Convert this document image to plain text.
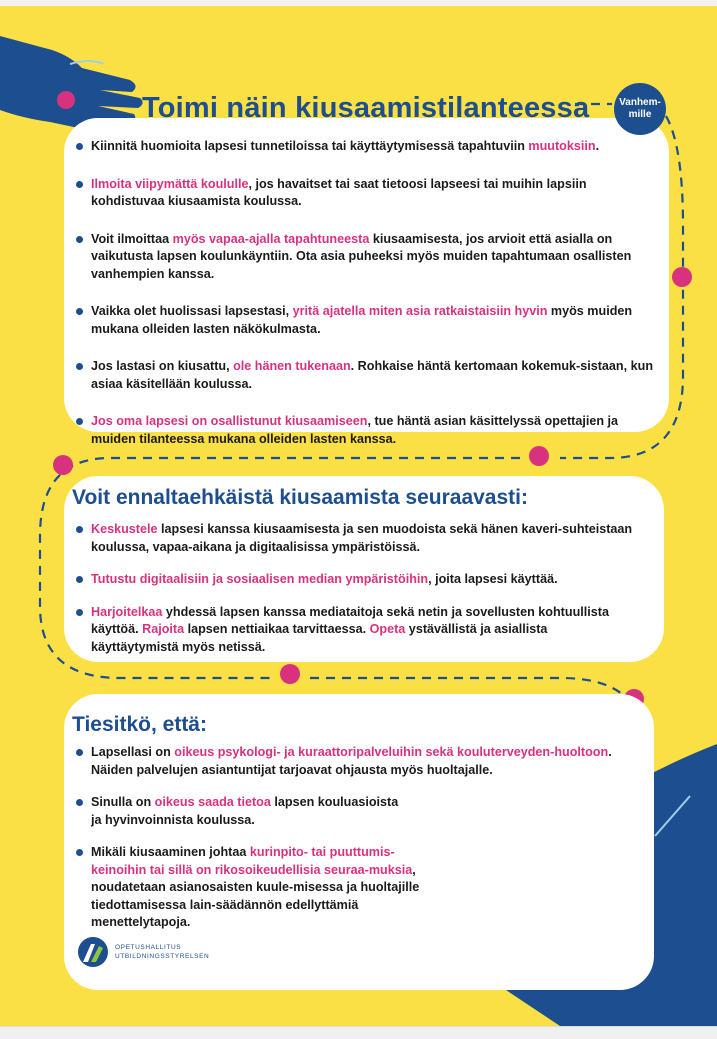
Toimi näin kiusaamistilanteessa	Vanhem-
mille
Kiinnitä huomioita lapsesi tunnetiloissa tai käyttäytymisessä tapahtuviin muutoksiin.
Ilmoita viipymättä koululle, jos havaitset tai saat tietoosi lapseesi tai muihin lapsiin kohdistuvaa kiusaamista koulussa.
Voit ilmoittaa myös vapaa-ajalla tapahtuneesta kiusaamisesta, jos arvioit että asialla on vaikutusta lapsen koulunkäyntiin. Ota asia puheeksi myös muiden tapahtumaan osallisten vanhempien kanssa.
Vaikka olet huolissasi lapsestasi, yritä ajatella miten asia ratkaistaisiin hyvin myös muiden mukana olleiden lasten näkökulmasta.
Jos lastasi on kiusattu, ole hänen tukenaan. Rohkaise häntä kertomaan kokemuk-sistaan, kun asiaa käsitellään koulussa.
Jos oma lapsesi on osallistunut kiusaamiseen, tue häntä asian käsittelyssä opettajien ja muiden tilanteessa mukana olleiden lasten kanssa.
Voit ennaltaehkäistä kiusaamista seuraavasti:
Keskustele lapsesi kanssa kiusaamisesta ja sen muodoista sekä hänen kaveri-suhteistaan koulussa, vapaa-aikana ja digitaalisissa ympäristöissä.
Tutustu digitaalisiin ja sosiaalisen median ympäristöihin, joita lapsesi käyttää.
Harjoitelkaa yhdessä lapsen kanssa mediataitoja sekä netin ja sovellusten kohtuullista käyttöä. Rajoita lapsen nettiaikaa tarvittaessa. Opeta ystävällistä ja asiallista käyttäytymistä myös netissä.
Tiesitkö, että:
Lapsellasi on oikeus psykologi- ja kuraattoripalveluihin sekä kouluterveyden-huoltoon. Näiden palvelujen asiantuntijat tarjoavat ohjausta myös huoltajalle.
Sinulla on oikeus saada tietoa lapsen kouluasioista ja hyvinvoinnista koulussa.
Mikäli kiusaaminen johtaa kurinpito- tai puuttumis-keinoihin tai sillä on rikosoikeudellisia seuraa-muksia, noudatetaan asianosaisten kuule-misessa ja huoltajille tiedottamisessa lain-säädännön edellyttämiä menettelytapoja.
OPETUSHALLITUS
UTBILDNINGSSTYRELSEN
